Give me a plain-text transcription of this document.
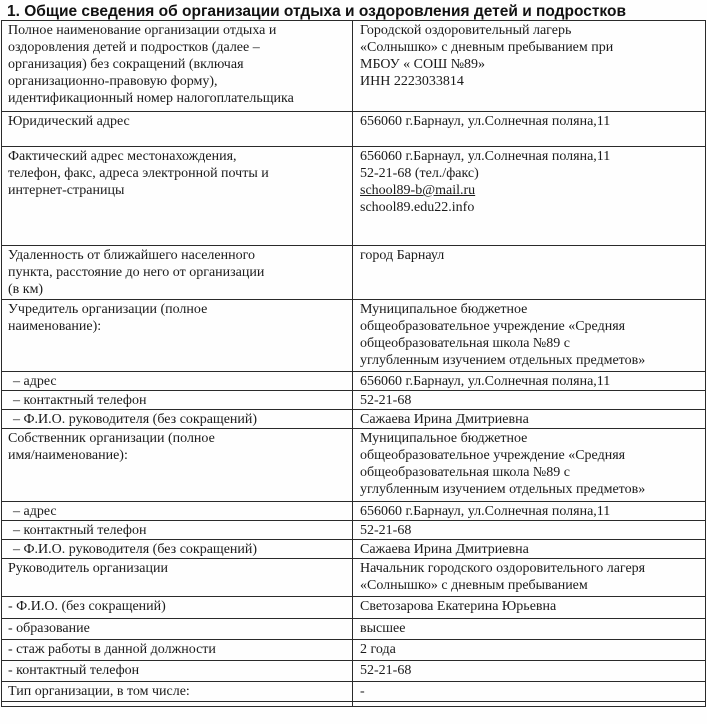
1. Общие сведения об организации отдыха и оздоровления детей и подростков
Полное наименование организации отдыха и
оздоровления детей и подростков (далее –
организация) без сокращений (включая
организационно-правовую форму),
идентификационный номер налогоплательщика	Городской оздоровительный лагерь
«Солнышко» с дневным пребыванием при
МБОУ « СОШ №89»
ИНН 2223033814

Юридический адрес	656060 г.Барнаул, ул.Солнечная поляна,11

Фактический адрес местонахождения,
телефон, факс, адреса электронной почты и
интернет-страницы	656060 г.Барнаул, ул.Солнечная поляна,11
52-21-68 (тел./факс)
school89-b@mail.ru
school89.edu22.info

Удаленность от ближайшего населенного
пункта, расстояние до него от организации
(в км)	город Барнаул

Учредитель организации (полное
наименование):	Муниципальное бюджетное
общеобразовательное учреждение «Средняя
общеобразовательная школа №89 с
углубленным изучением отдельных предметов»

– адрес	656060 г.Барнаул, ул.Солнечная поляна,11

– контактный телефон	52-21-68

– Ф.И.О. руководителя (без сокращений)	Сажаева Ирина Дмитриевна

Собственник организации (полное
имя/наименование):	Муниципальное бюджетное
общеобразовательное учреждение «Средняя
общеобразовательная школа №89 с
углубленным изучением отдельных предметов»

– адрес	656060 г.Барнаул, ул.Солнечная поляна,11

– контактный телефон	52-21-68

– Ф.И.О. руководителя (без сокращений)	Сажаева Ирина Дмитриевна

Руководитель организации	Начальник городского оздоровительного лагеря
«Солнышко» с дневным пребыванием

- Ф.И.О. (без сокращений)	Светозарова Екатерина Юрьевна

- образование	высшее

- стаж работы в данной должности	2 года

- контактный телефон	52-21-68

Тип организации, в том числе:	-
